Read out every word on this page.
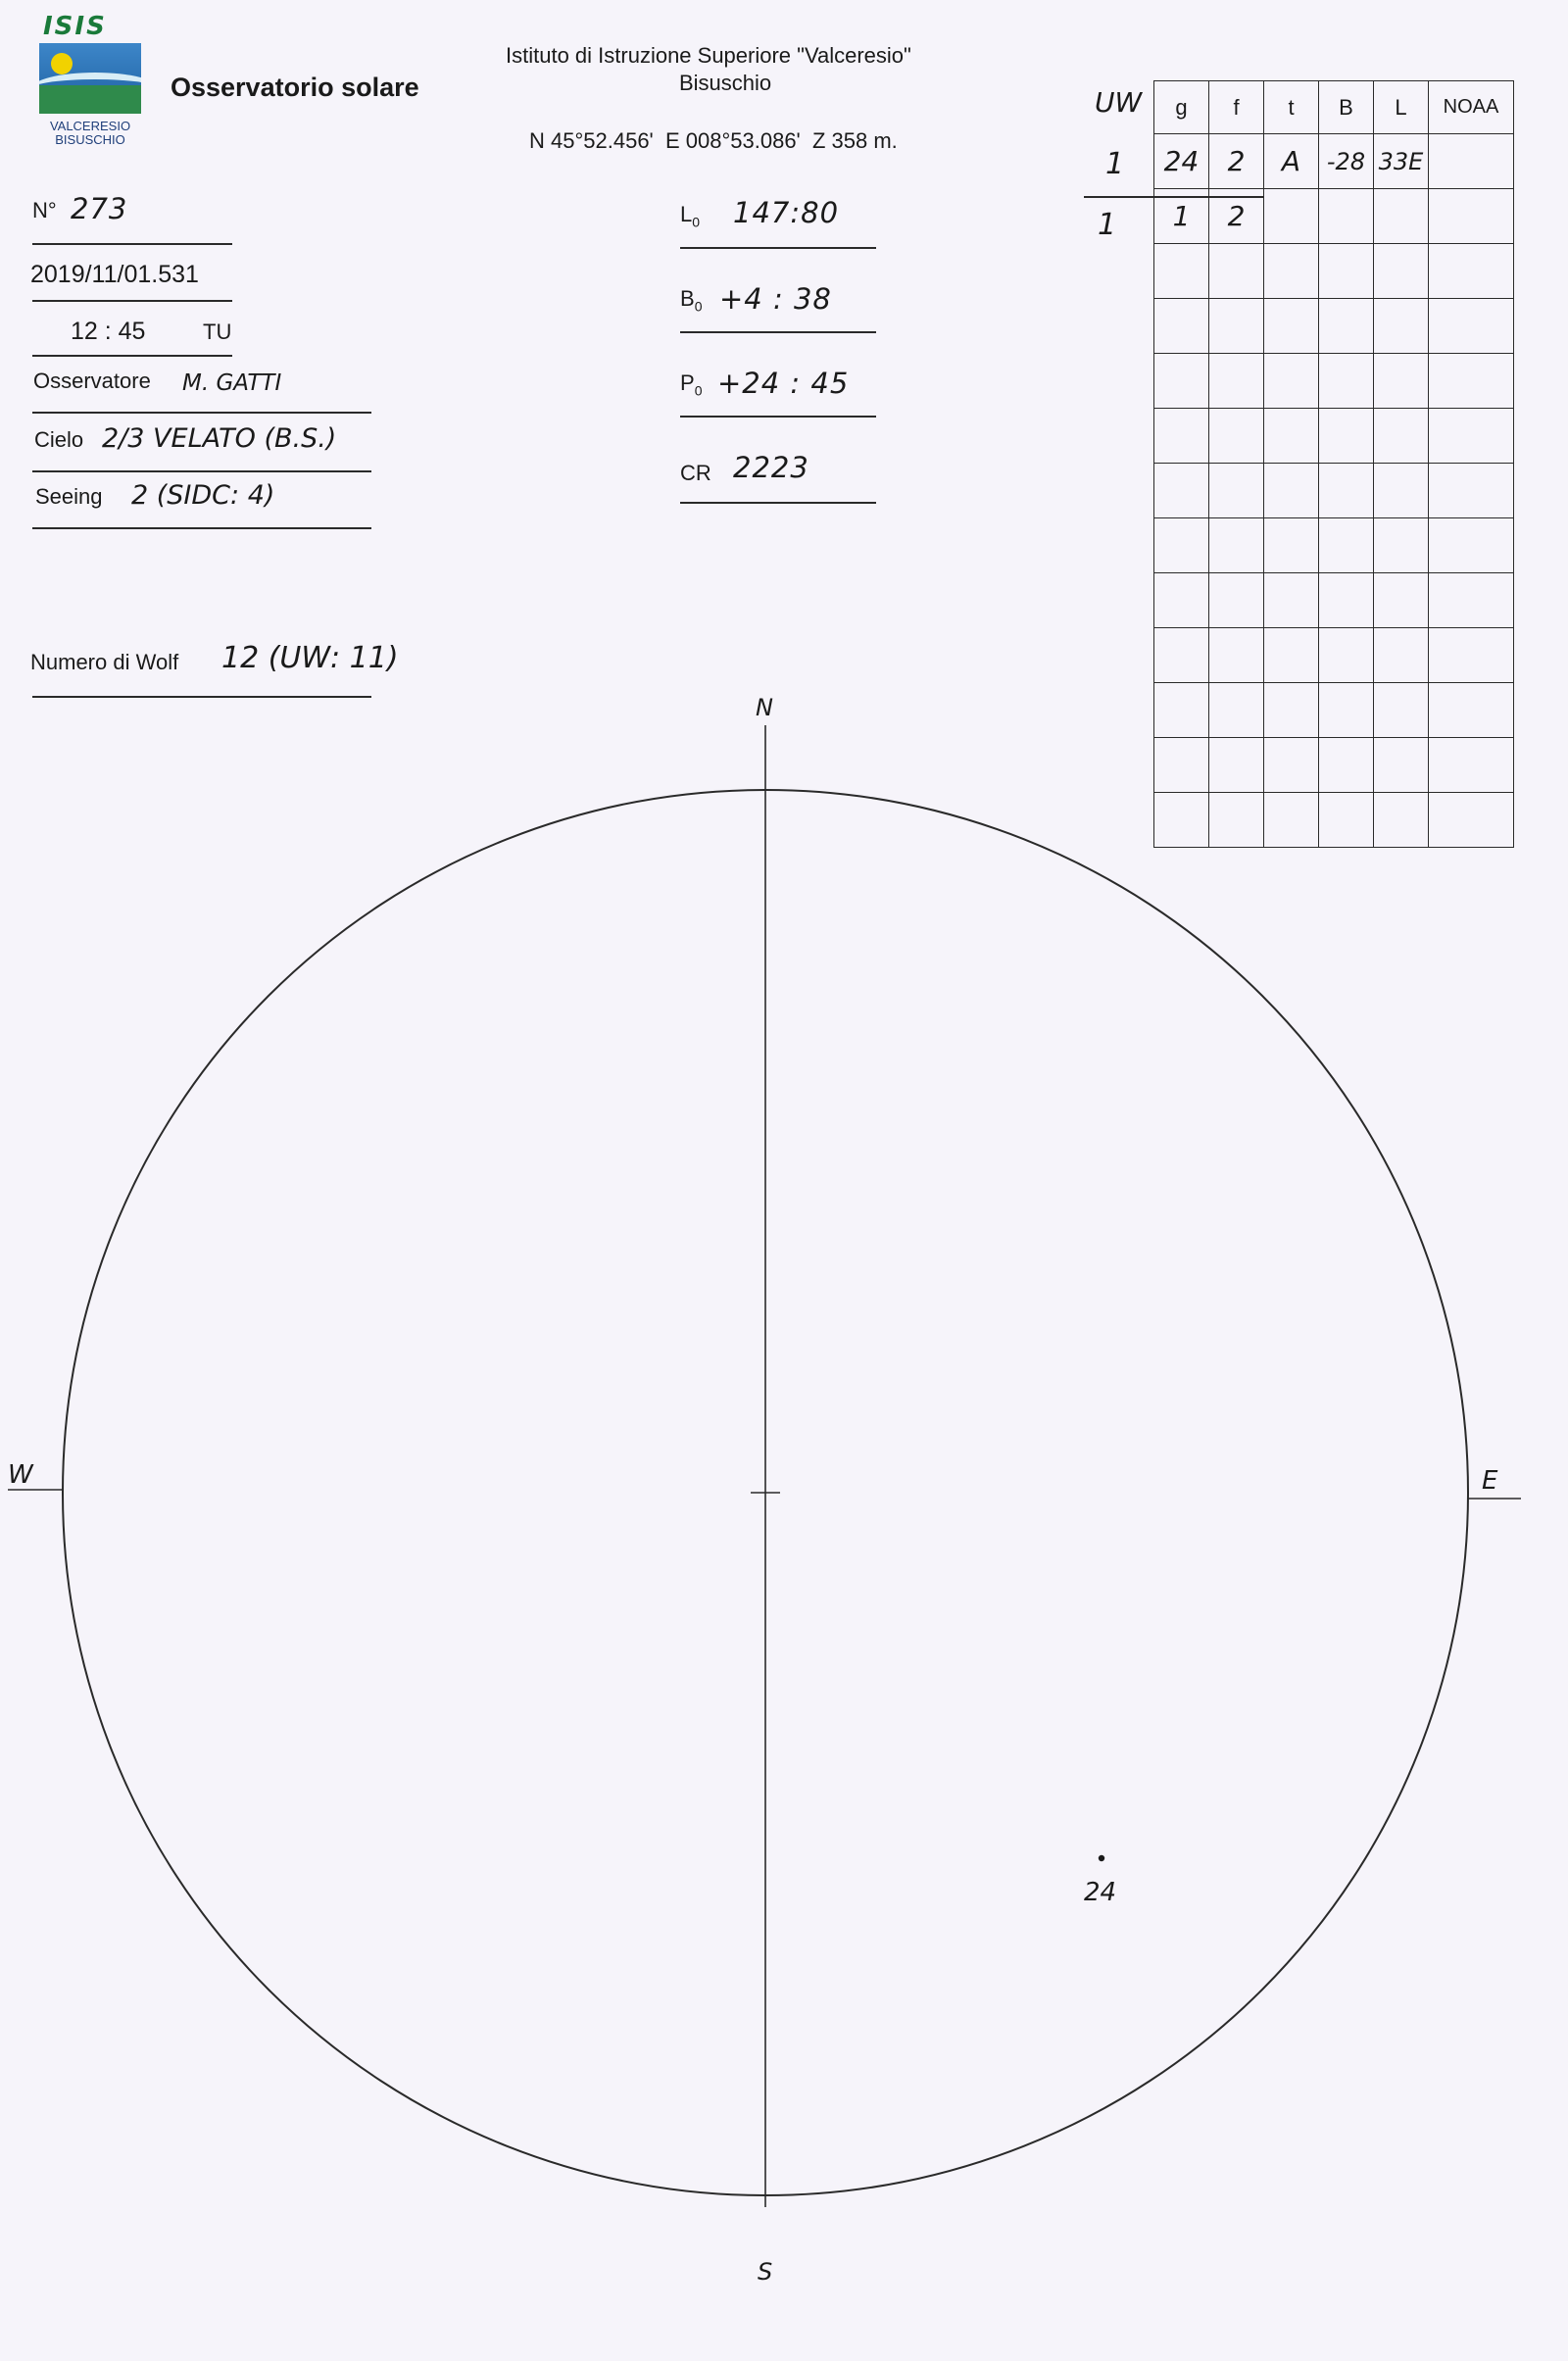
ISIS
VALCERESIO
BISUSCHIO
Osservatorio solare
Istituto di Istruzione Superiore "Valceresio"
Bisuschio
N 45°52.456'  E 008°53.086'  Z 358 m.
N° 273
2019/11/01.531
12 : 45	TU
Osservatore M. GATTI
Cielo 2/3 VELATO (B.S.)
Seeing 2 (SIDC: 4)
Numero di Wolf 12 (UW: 11)
$L_0$ 147:80
$B_0 +4$ : 38
$P_0 +24$ : 45
CR 2223
UW
1
1
g	f	t	B	L	NOAA
24	2	A	-28	33E	
1	2				

N
S
W	E
24
